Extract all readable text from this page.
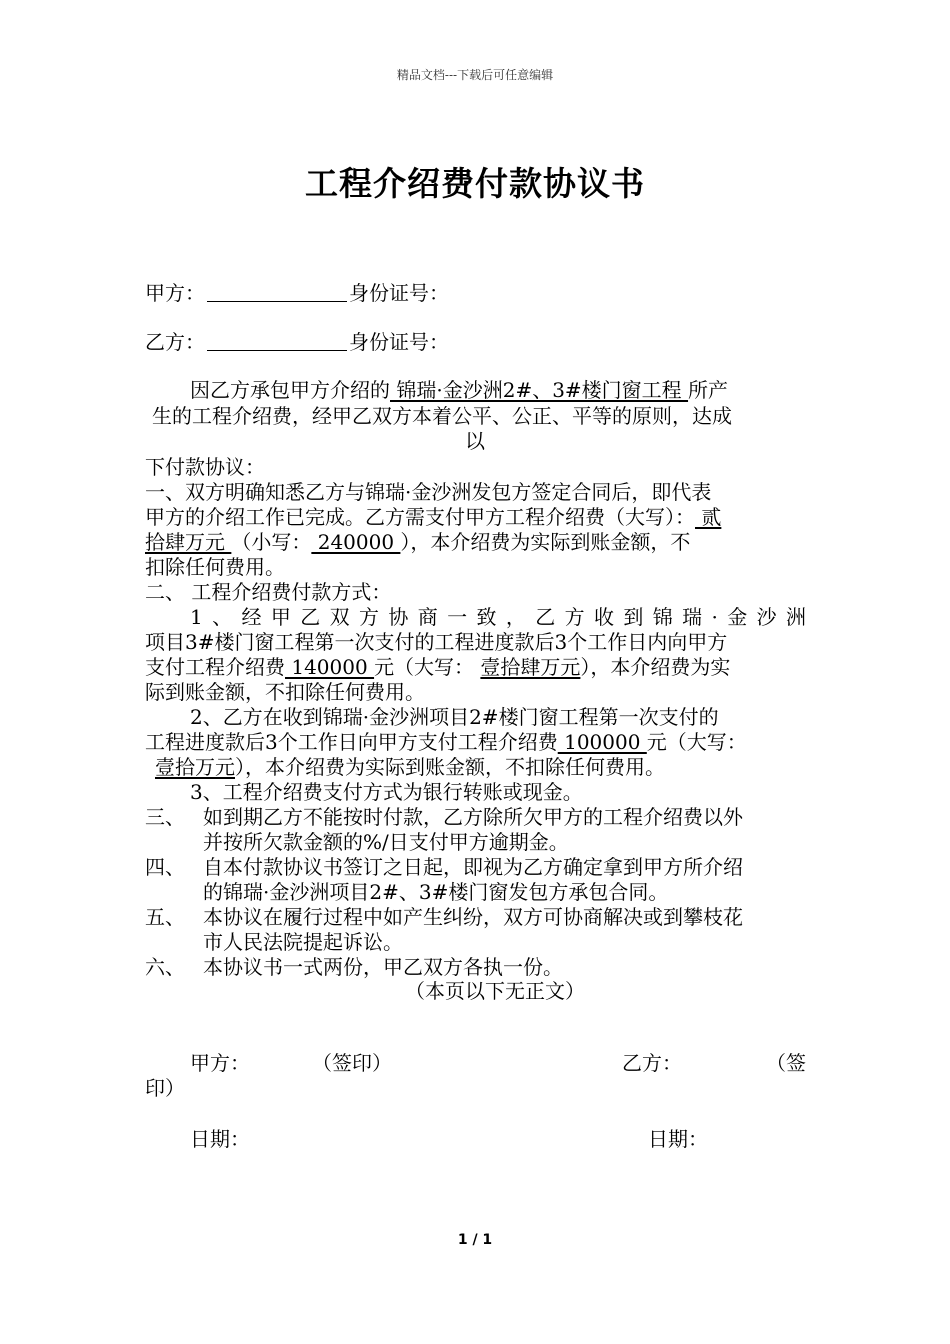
精品文档---下载后可任意编辑
工程介绍费付款协议书
甲方：	身份证号：
乙方：	身份证号：
因乙方承包甲方介绍的 锦瑞·金沙洲2#、3#楼门窗工程 所产
生的工程介绍费，经甲乙双方本着公平、公正、平等的原则，达成
以
下付款协议：
一、双方明确知悉乙方与锦瑞·金沙洲发包方签定合同后，即代表
甲方的介绍工作已完成。乙方需支付甲方工程介绍费（大写）： 贰
拾肆万元 （小写： 240000 ），本介绍费为实际到账金额，不
扣除任何费用。
二、 工程介绍费付款方式：
1、经甲乙双方协商一致，乙方收到锦瑞·金沙洲
项目3#楼门窗工程第一次支付的工程进度款后3个工作日内向甲方
支付工程介绍费 140000 元（大写： 壹拾肆万元），本介绍费为实
际到账金额，不扣除任何费用。
2、乙方在收到锦瑞·金沙洲项目2#楼门窗工程第一次支付的
工程进度款后3个工作日向甲方支付工程介绍费 100000 元（大写：
壹拾万元），本介绍费为实际到账金额，不扣除任何费用。
3、工程介绍费支付方式为银行转账或现金。
三、 如到期乙方不能按时付款，乙方除所欠甲方的工程介绍费以外
并按所欠款金额的%/日支付甲方逾期金。
四、 自本付款协议书签订之日起，即视为乙方确定拿到甲方所介绍
的锦瑞·金沙洲项目2#、3#楼门窗发包方承包合同。
五、 本协议在履行过程中如产生纠纷，双方可协商解决或到攀枝花
市人民法院提起诉讼。
六、 本协议书一式两份，甲乙双方各执一份。
（本页以下无正文）
甲方：	（签印）	乙方：	（签
印）
日期：	日期：
1 / 1
